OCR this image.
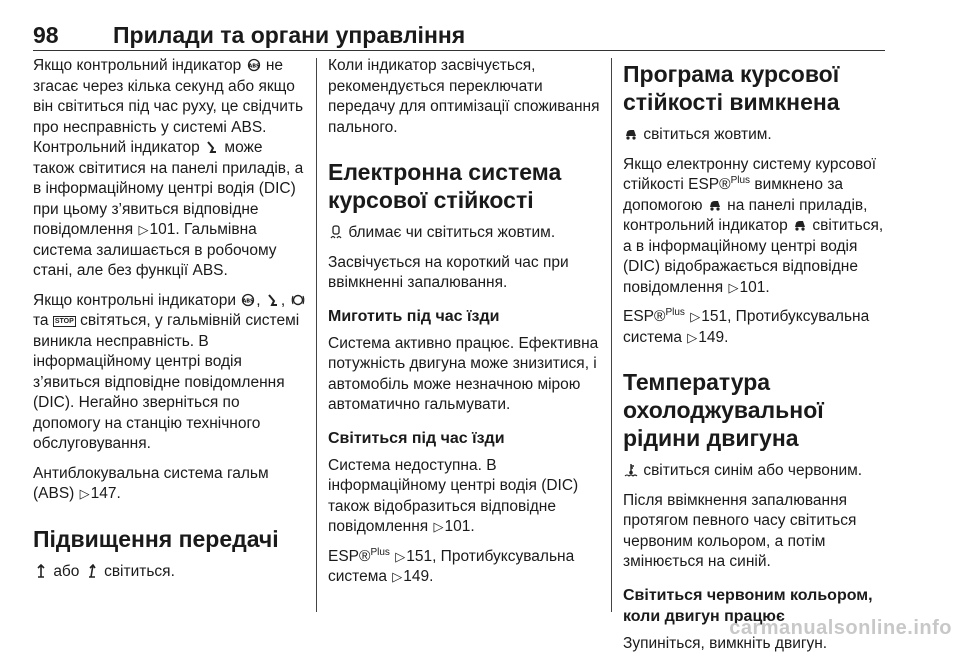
98 Прилади та органи управління

Якщо контрольний індикатор ABS не згасає через кілька секунд або якщо він світиться під час руху, це свідчить про несправність у системі ABS. Контрольний індикатор може також світитися на панелі приладів, а в інформаційному центрі водія (DIC) при цьому з’явиться відповідне повідомлення ▷101. Гальмівна система залишається в робочому стані, але без функції ABS.

Якщо контрольні індикатори ABS , ,  та STOP світяться, у гальмівній системі виникла несправність. В інформаційному центрі водія з’явиться відповідне повідомлення (DIC). Негайно зверніться по допомогу на станцію технічного обслуговування.

Антиблокувальна система гальм (ABS) ▷147.

Підвищення передачі

або світиться.

Коли індикатор засвічується, рекомендується переключати передачу для оптимізації споживання пального.

Електронна система курсової стійкості

блимає чи світиться жовтим.

Засвічується на короткий час при ввімкненні запалювання.

Миготить під час їзди

Система активно працює. Ефективна потужність двигуна може знизитися, і автомобіль може незначною мірою автоматично гальмувати.

Світиться під час їзди

Система недоступна. В інформаційному центрі водія (DIC) також відобразиться відповідне повідомлення ▷101.

ESP®$^{Plus}$ ▷151, Протибуксувальна система ▷149.

Програма курсової стійкості вимкнена

світиться жовтим.

Якщо електронну систему курсової стійкості ESP®$^{Plus}$ вимкнено за допомогою на панелі приладів, контрольний індикатор світиться, а в інформаційному центрі водія (DIC) відображається відповідне повідомлення ▷101.

ESP®$^{Plus}$ ▷151, Протибуксувальна система ▷149.

Температура охолоджувальної рідини двигуна

світиться синім або червоним.

Після ввімкнення запалювання протягом певного часу світиться червоним кольором, а потім змінюється на синій.

Світиться червоним кольором, коли двигун працює

Зупиніться, вимкніть двигун.

carmanualsonline.info
